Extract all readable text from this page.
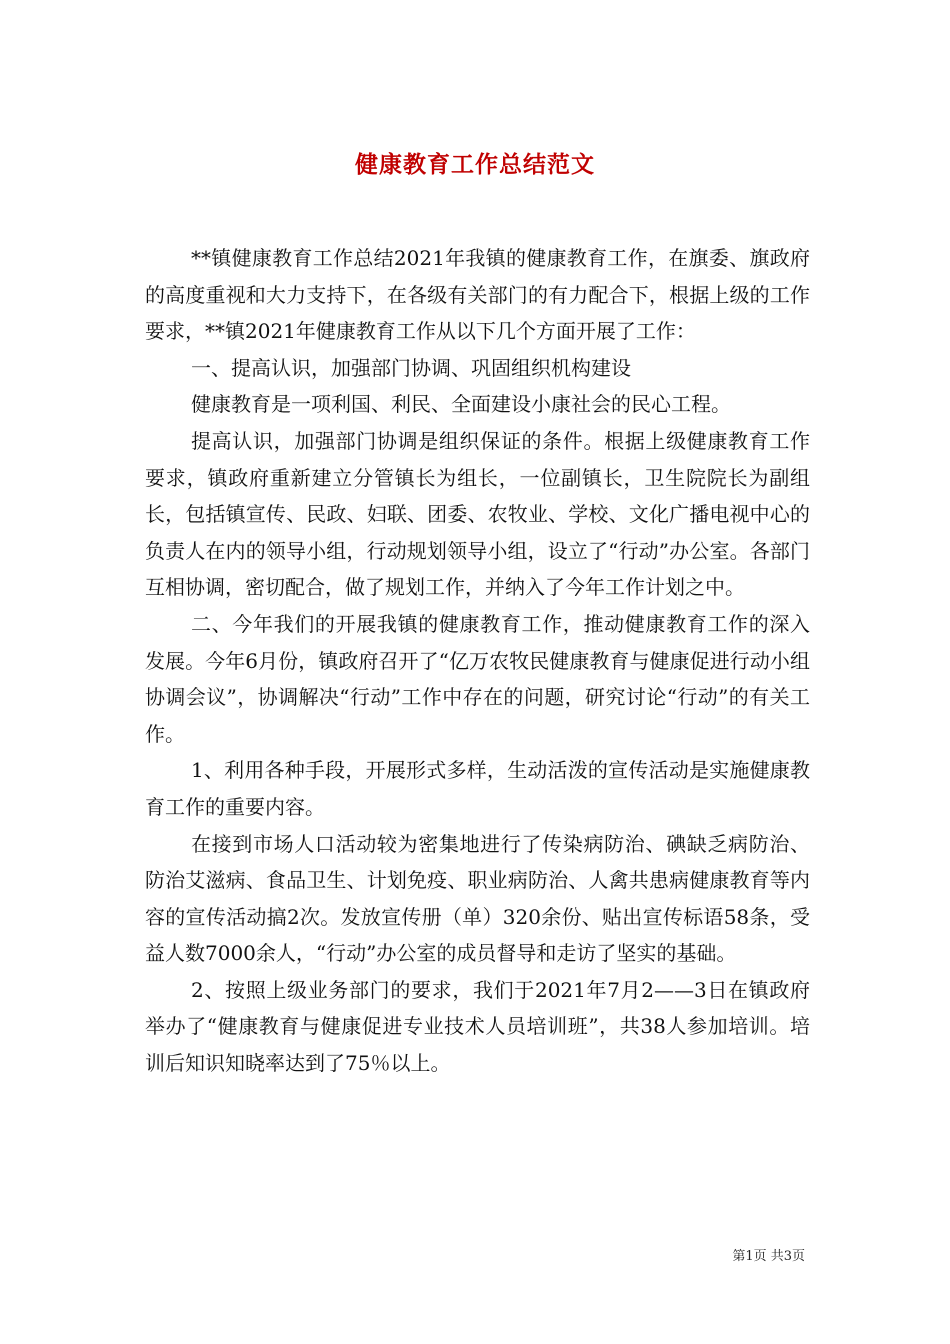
健康教育工作总结范文

**镇健康教育工作总结2021年我镇的健康教育工作，在旗委、旗政府的高度重视和大力支持下，在各级有关部门的有力配合下，根据上级的工作要求，**镇2021年健康教育工作从以下几个方面开展了工作：

一、提高认识，加强部门协调、巩固组织机构建设

健康教育是一项利国、利民、全面建设小康社会的民心工程。

提高认识，加强部门协调是组织保证的条件。根据上级健康教育工作要求，镇政府重新建立分管镇长为组长，一位副镇长，卫生院院长为副组长，包括镇宣传、民政、妇联、团委、农牧业、学校、文化广播电视中心的负责人在内的领导小组，行动规划领导小组，设立了“行动”办公室。各部门互相协调，密切配合，做了规划工作，并纳入了今年工作计划之中。

二、今年我们的开展我镇的健康教育工作，推动健康教育工作的深入发展。今年6月份，镇政府召开了“亿万农牧民健康教育与健康促进行动小组协调会议”，协调解决“行动”工作中存在的问题，研究讨论“行动”的有关工作。

1、利用各种手段，开展形式多样，生动活泼的宣传活动是实施健康教育工作的重要内容。

在接到市场人口活动较为密集地进行了传染病防治、碘缺乏病防治、防治艾滋病、食品卫生、计划免疫、职业病防治、人禽共患病健康教育等内容的宣传活动搞2次。发放宣传册（单）320余份、贴出宣传标语58条，受益人数7000余人，“行动”办公室的成员督导和走访了坚实的基础。

2、按照上级业务部门的要求，我们于2021年7月2——3日在镇政府举办了“健康教育与健康促进专业技术人员培训班”，共38人参加培训。培训后知识知晓率达到了75％以上。

第1页 共3页
